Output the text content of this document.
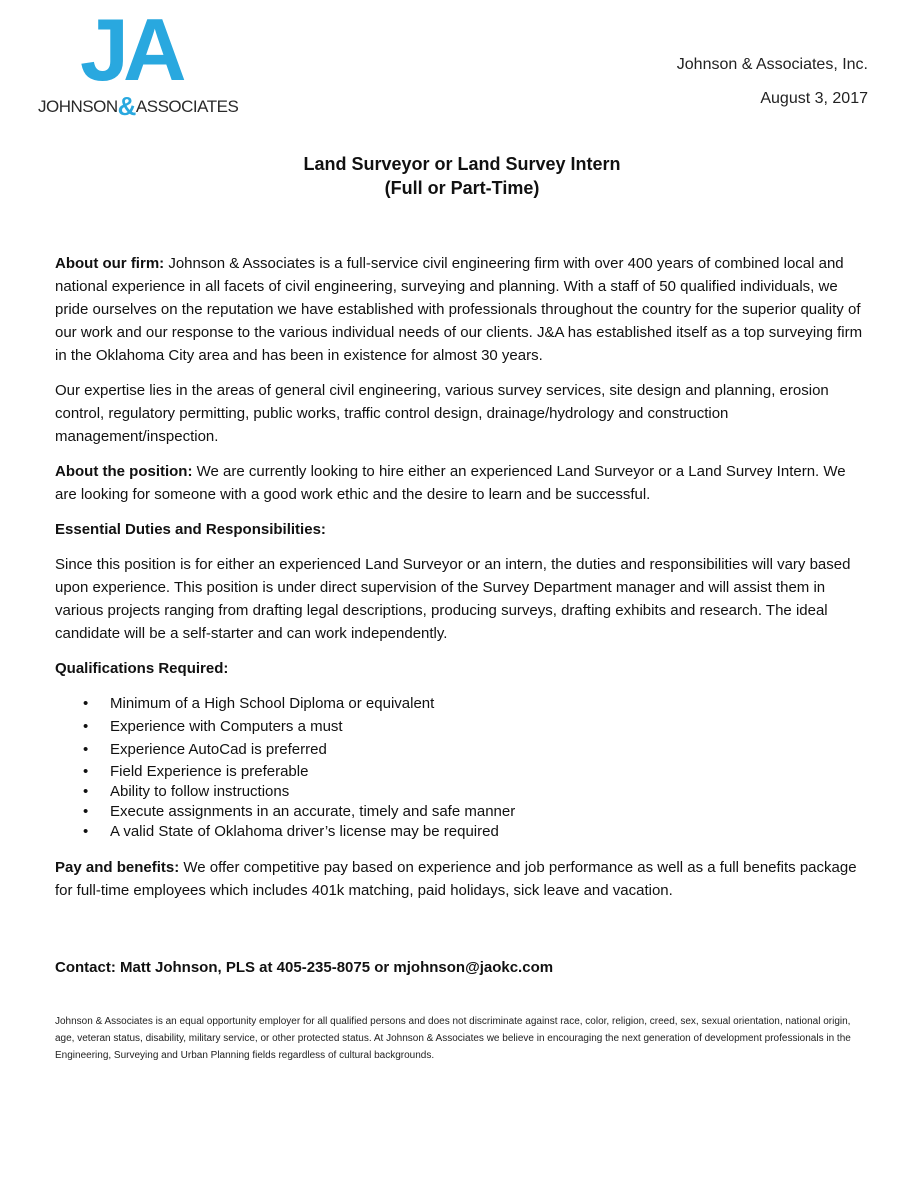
JA
JOHNSON&ASSOCIATES
Johnson & Associates, Inc.
August 3, 2017
Land Surveyor or Land Survey Intern
(Full or Part-Time)

About our firm: Johnson & Associates is a full-service civil engineering firm with over 400 years of combined local and national experience in all facets of civil engineering, surveying and planning. With a staff of 50 qualified individuals, we pride ourselves on the reputation we have established with professionals throughout the country for the superior quality of our work and our response to the various individual needs of our clients. J&A has established itself as a top surveying firm in the Oklahoma City area and has been in existence for almost 30 years.

Our expertise lies in the areas of general civil engineering, various survey services, site design and planning, erosion control, regulatory permitting, public works, traffic control design, drainage/hydrology and construction management/inspection.

About the position: We are currently looking to hire either an experienced Land Surveyor or a Land Survey Intern. We are looking for someone with a good work ethic and the desire to learn and be successful.

Essential Duties and Responsibilities:

Since this position is for either an experienced Land Surveyor or an intern, the duties and responsibilities will vary based upon experience. This position is under direct supervision of the Survey Department manager and will assist them in various projects ranging from drafting legal descriptions, producing surveys, drafting exhibits and research. The ideal candidate will be a self-starter and can work independently.

Qualifications Required:

• Minimum of a High School Diploma or equivalent
• Experience with Computers a must
• Experience AutoCad is preferred
• Field Experience is preferable
• Ability to follow instructions
• Execute assignments in an accurate, timely and safe manner
• A valid State of Oklahoma driver’s license may be required

Pay and benefits: We offer competitive pay based on experience and job performance as well as a full benefits package for full-time employees which includes 401k matching, paid holidays, sick leave and vacation.

Contact: Matt Johnson, PLS at 405-235-8075 or mjohnson@jaokc.com

Johnson & Associates is an equal opportunity employer for all qualified persons and does not discriminate against race, color, religion, creed, sex, sexual orientation, national origin, age, veteran status, disability, military service, or other protected status. At Johnson & Associates we believe in encouraging the next generation of development professionals in the Engineering, Surveying and Urban Planning fields regardless of cultural backgrounds.
